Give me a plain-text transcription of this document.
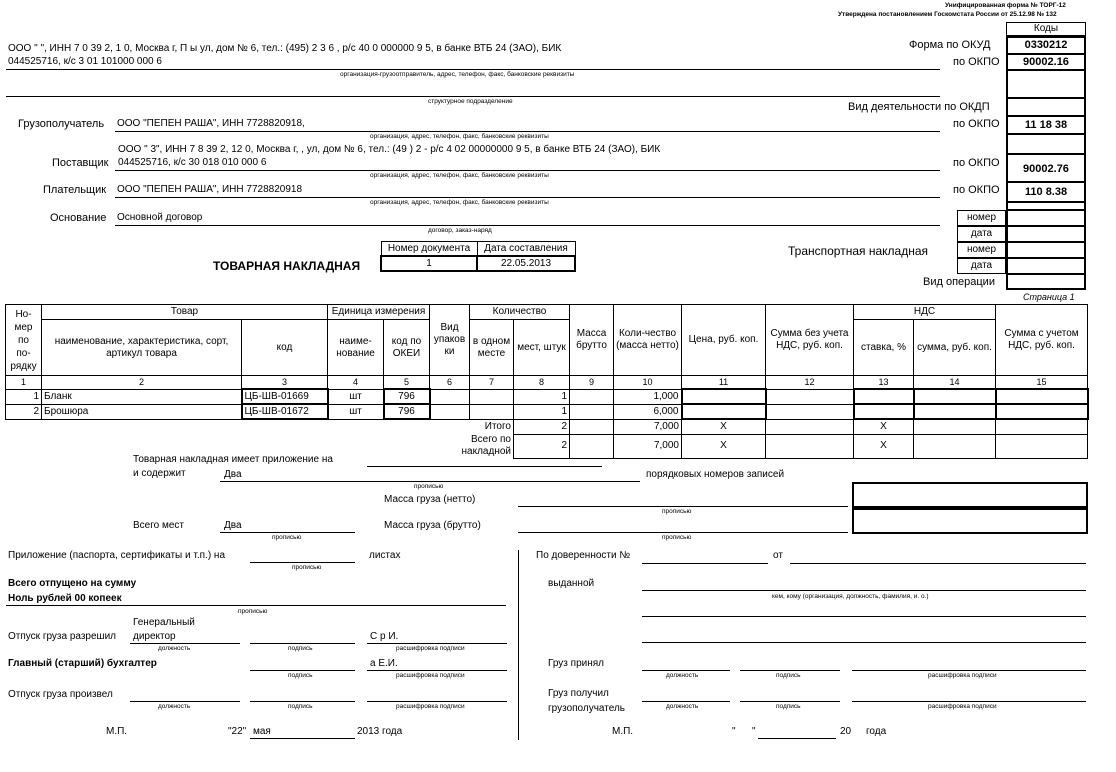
Унифицированная форма № ТОРГ-12
Утверждена постановлением Госкомстата России от 25.12.98 № 132
Коды
Форма по ОКУД	0330212
по ОКПО	90002.16
Вид деятельности по ОКДП
по ОКПО	11 18 38
по ОКПО	90002.76
по ОКПО	110 8.38
номер
дата
номер
дата
Вид операции
ООО " ", ИНН 7 0 39 2, 1 0, Москва г, П ы ул, дом № 6, тел.: (495) 2 3 6 , р/с 40 0 000000 9 5, в банке ВТБ 24 (ЗАО), БИК
044525716, к/с 3 01 101000 000 6
организация-грузоотправитель, адрес, телефон, факс, банковские реквизиты
структурное подразделение
Грузополучатель ООО "ПЕПЕН РАША", ИНН 7728820918,
организация, адрес, телефон, факс, банковские реквизиты
ООО " 3", ИНН 7 8 39 2, 12 0, Москва г, , ул, дом № 6, тел.: (49 ) 2 - р/с 4 02 00000000 9 5, в банке ВТБ 24 (ЗАО), БИК
Поставщик 044525716, к/с 30 018 010 000 6
организация, адрес, телефон, факс, банковские реквизиты
Плательщик ООО "ПЕПЕН РАША", ИНН 7728820918
организация, адрес, телефон, факс, банковские реквизиты
Основание Основной договор
договор, заказ-наряд
Транспортная накладная
ТОВАРНАЯ НАКЛАДНАЯ
Номер документа	Дата составления
1	22.05.2013
Страница 1
Но-
мер
по
по-
рядку	Товар		Единица измерения		Вид упаков ки	Количество		Масса брутто	Коли-чество (масса нетто)	Цена, руб. коп.	Сумма без учета НДС, руб. коп.	НДС		Сумма с учетом НДС, руб. коп.
	наименование, характеристика, сорт, артикул товара	код	наиме-нование	код по ОКЕИ		в одном месте	мест, штук					ставка, %	сумма, руб. коп.	
1	2	3	4	5	6	7	8	9	10	11	12	13	14	15
1	Бланк	ЦБ-ШВ-01669	шт	796			1		1,000					
2	Брошюра	ЦБ-ШВ-01672	шт	796			1		6,000					
						Итого	2		7,000	X		X		
					Всего по накладной		2		7,000	X		X		
Товарная накладная имеет приложение на
и содержит	Два
прописью
порядковых номеров записей
Масса груза (нетто)
прописью
Всего мест	Два
прописью
Масса груза (брутто)
прописью
Приложение (паспорта, сертификаты и т.п.) на
прописью
листах
Всего отпущено на сумму
Ноль рублей 00 копеек
прописью
Генеральный
Отпуск груза разрешил директор
должность	подпись
С р И.
расшифровка подписи
Главный (старший) бухгалтер
подпись
а Е.И.
расшифровка подписи
Отпуск груза произвел
должность	подпись	расшифровка подписи
М.П.	"22" мая	2013 года
По доверенности №	от
выданной
кем, кому (организация, должность, фамилия, и. о.)
Груз принял
должность	подпись	расшифровка подписи
Груз получил
грузополучатель	должность	подпись	расшифровка подписи
М.П.	" "	20 года
